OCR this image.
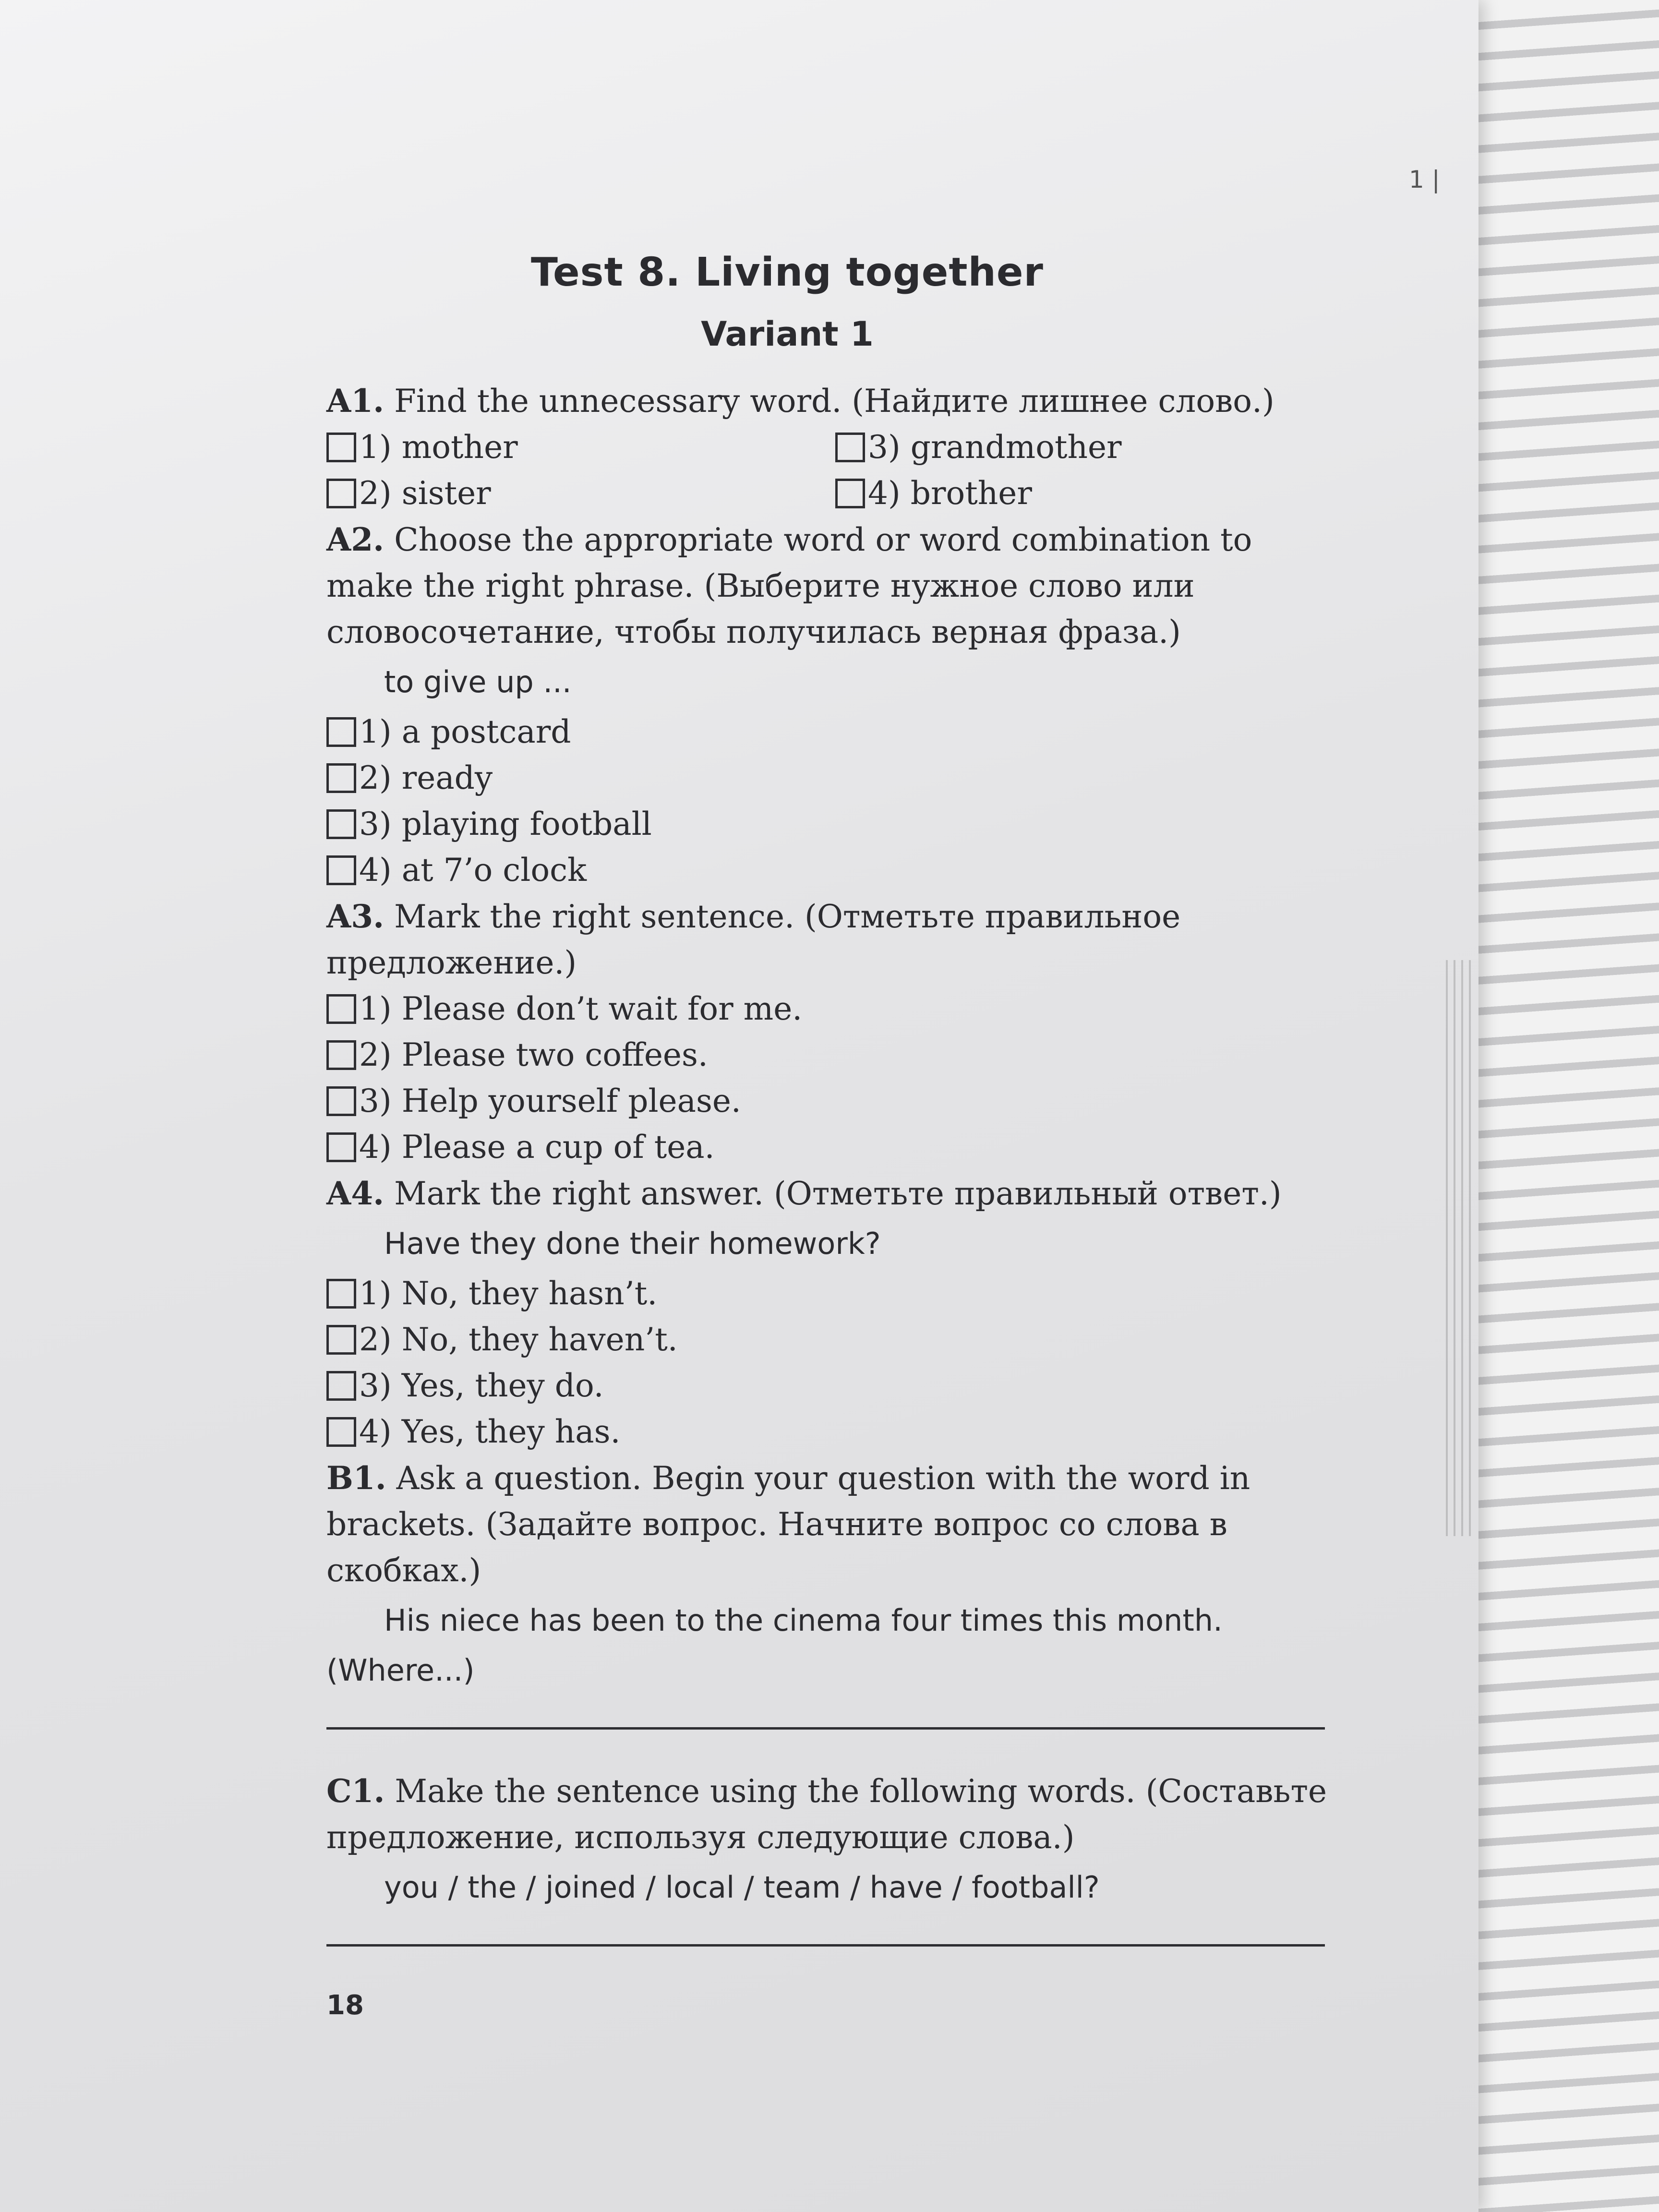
1 |
Test 8. Living together
Variant 1

A1. Find the unnecessary word. (Найдите лишнее слово.)

1) mother	3) grandmother
2) sister	4) brother

A2. Choose the appropriate word or word combination to make the right phrase. (Выберите нужное слово или словосочетание, чтобы получилась верная фраза.)

to give up ...

1) a postcard
2) ready
3) playing football
4) at 7’o clock

A3. Mark the right sentence. (Отметьте правильное предложение.)

1) Please don’t wait for me.
2) Please two coffees.
3) Help yourself please.
4) Please a cup of tea.

A4. Mark the right answer. (Отметьте правильный ответ.)

Have they done their homework?

1) No, they hasn’t.
2) No, they haven’t.
3) Yes, they do.
4) Yes, they has.

B1. Ask a question. Begin your question with the word in brackets. (Задайте вопрос. Начните вопрос со слова в скобках.)

His niece has been to the cinema four times this month.

(Where...)

C1. Make the sentence using the following words. (Составьте предложение, используя следующие слова.)

you / the / joined / local / team / have / football?

18
